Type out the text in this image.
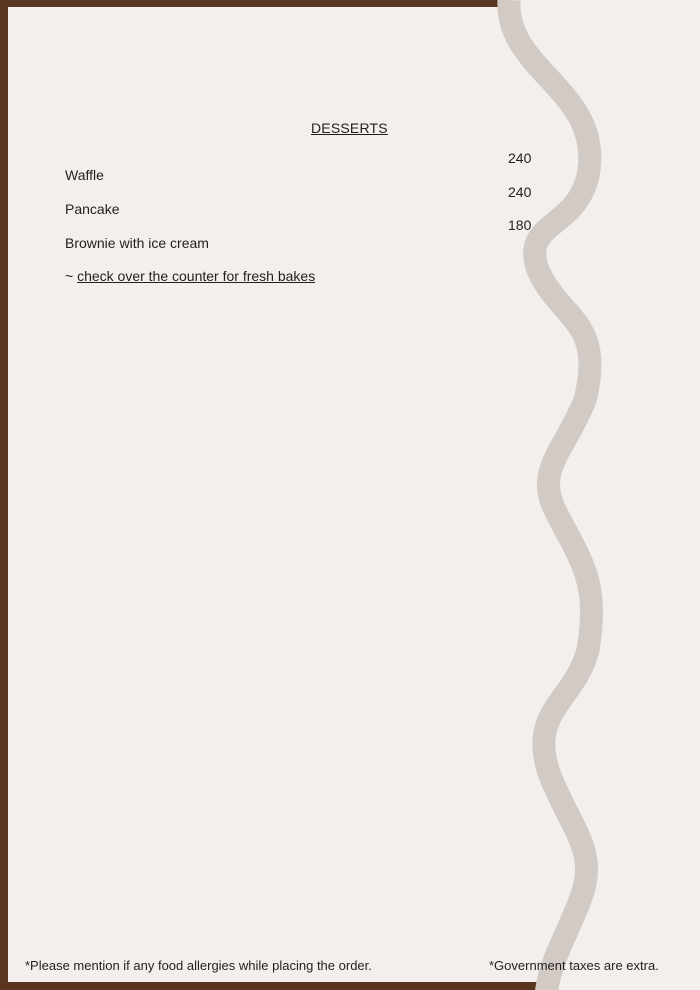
DESSERTS
Waffle
Pancake
Brownie with ice cream
240
240
180
~ check over the counter for fresh bakes
*Please mention if any food allergies while placing the order.	*Government taxes are extra.
